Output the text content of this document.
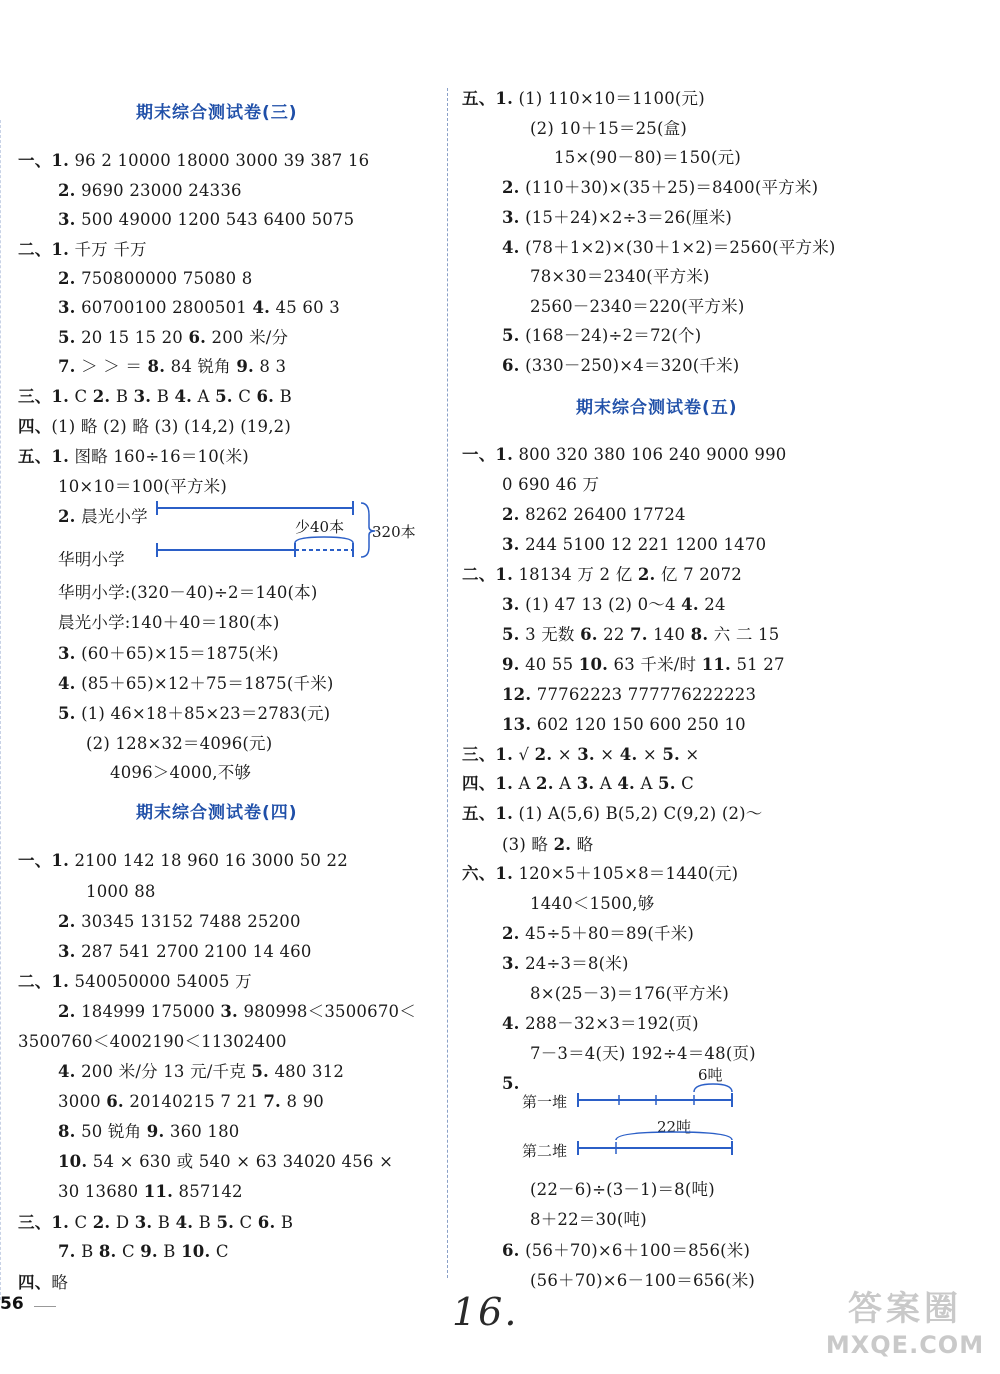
期末综合测试卷(三)
一、1. 96 2 10000 18000 3000 39 387 16
2. 9690 23000 24336
3. 500 49000 1200 543 6400 5075
二、1. 千万 千万
2. 750800000 75080 8
3. 60700100 2800501 4. 45 60 3
5. 20 15 15 20 6. 200 米/分
7. ＞ ＞ ＝ 8. 84 锐角 9. 8 3
三、1. C 2. B 3. B 4. A 5. C 6. B
四、(1) 略 (2) 略 (3) (14,2) (19,2)
五、1. 图略 160÷16＝10(米)
10×10＝100(平方米)
2. 晨光小学
华明小学
华明小学:(320－40)÷2＝140(本)
晨光小学:140＋40＝180(本)
3. (60＋65)×15＝1875(米)
4. (85＋65)×12＋75＝1875(千米)
5. (1) 46×18＋85×23＝2783(元)
(2) 128×32＝4096(元)
4096＞4000,不够
少40本 320本
期末综合测试卷(四)
一、1. 2100 142 18 960 16 3000 50 22
1000 88
2. 30345 13152 7488 25200
3. 287 541 2700 2100 14 460
二、1. 540050000 54005 万
2. 184999 175000 3. 980998＜3500670＜
3500760＜4002190＜11302400
4. 200 米/分 13 元/千克 5. 480 312
3000 6. 20140215 7 21 7. 8 90
8. 50 锐角 9. 360 180
10. 54 × 630 或 540 × 63 34020 456 ×
30 13680 11. 857142
三、1. C 2. D 3. B 4. B 5. C 6. B
7. B 8. C 9. B 10. C
四、略
五、1. (1) 110×10＝1100(元)
(2) 10＋15＝25(盒)
15×(90－80)＝150(元)
2. (110＋30)×(35＋25)＝8400(平方米)
3. (15＋24)×2÷3＝26(厘米)
4. (78＋1×2)×(30＋1×2)＝2560(平方米)
78×30＝2340(平方米)
2560－2340＝220(平方米)
5. (168－24)÷2＝72(个)
6. (330－250)×4＝320(千米)
期末综合测试卷(五)
一、1. 800 320 380 106 240 9000 990
0 690 46 万
2. 8262 26400 17724
3. 244 5100 12 221 1200 1470
二、1. 18134 万 2 亿 2. 亿 7 2072
3. (1) 47 13 (2) 0～4 4. 24
5. 3 无数 6. 22 7. 140 8. 六 二 15
9. 40 55 10. 63 千米/时 11. 51 27
12. 77762223 777776222223
13. 602 120 150 600 250 10
三、1. √ 2. × 3. × 4. × 5. ×
四、1. A 2. A 3. A 4. A 5. C
五、1. (1) A(5,6) B(5,2) C(9,2) (2)～
(3) 略 2. 略
六、1. 120×5＋105×8＝1440(元)
1440＜1500,够
2. 45÷5＋80＝89(千米)
3. 24÷3＝8(米)
8×(25－3)＝176(平方米)
4. 288－32×3＝192(页)
7－3＝4(天) 192÷4＝48(页)
5.
(22－6)÷(3－1)＝8(吨)
8＋22＝30(吨)
6. (56＋70)×6＋100＝856(米)
(56＋70)×6－100＝656(米)
第一堆
第二堆
6吨
22吨
56	16.	答案圈
MXQE.COM
